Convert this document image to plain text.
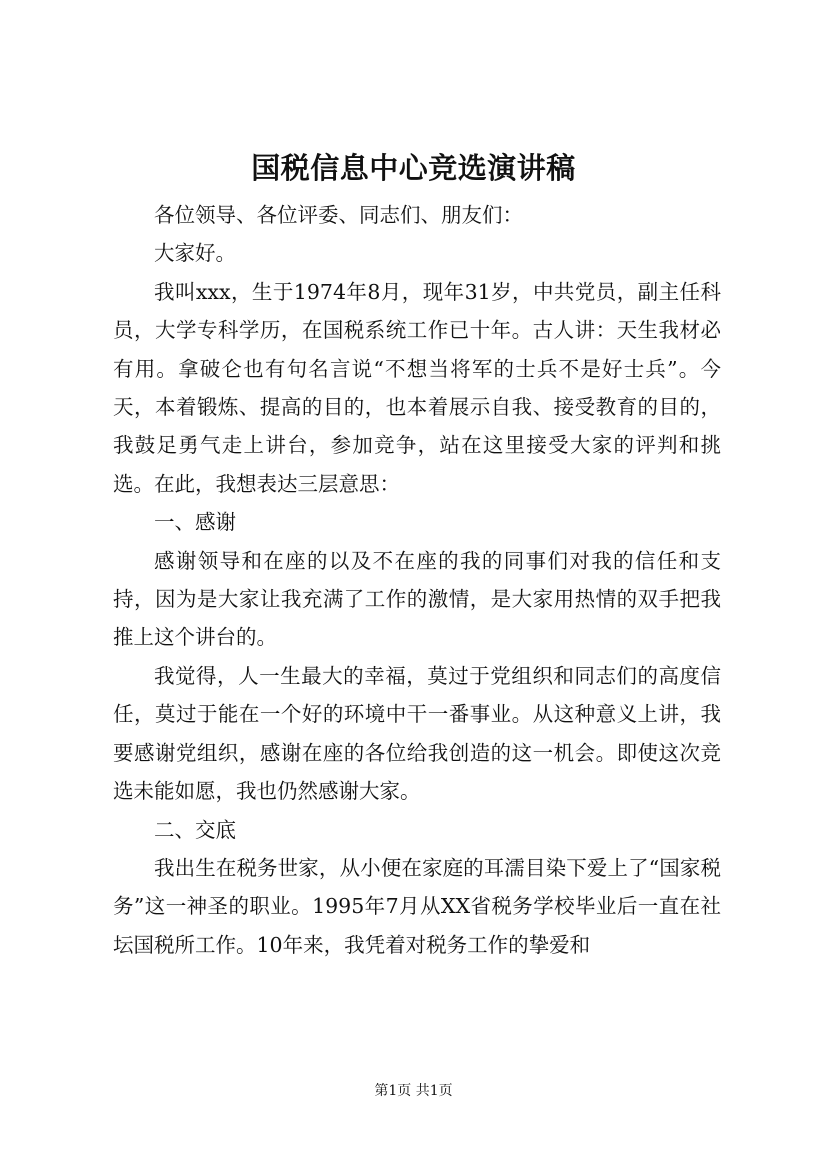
国税信息中心竞选演讲稿

各位领导、各位评委、同志们、朋友们：

大家好。

我叫xxx，生于1974年8月，现年31岁，中共党员，副主任科员，大学专科学历，在国税系统工作已十年。古人讲：天生我材必有用。拿破仑也有句名言说“不想当将军的士兵不是好士兵”。今天，本着锻炼、提高的目的，也本着展示自我、接受教育的目的，我鼓足勇气走上讲台，参加竞争，站在这里接受大家的评判和挑选。在此，我想表达三层意思：

一、感谢

感谢领导和在座的以及不在座的我的同事们对我的信任和支持，因为是大家让我充满了工作的激情，是大家用热情的双手把我推上这个讲台的。

我觉得，人一生最大的幸福，莫过于党组织和同志们的高度信任，莫过于能在一个好的环境中干一番事业。从这种意义上讲，我要感谢党组织，感谢在座的各位给我创造的这一机会。即使这次竞选未能如愿，我也仍然感谢大家。

二、交底

我出生在税务世家，从小便在家庭的耳濡目染下爱上了“国家税务”这一神圣的职业。1995年7月从XX省税务学校毕业后一直在社坛国税所工作。10年来，我凭着对税务工作的挚爱和

第1页 共1页
